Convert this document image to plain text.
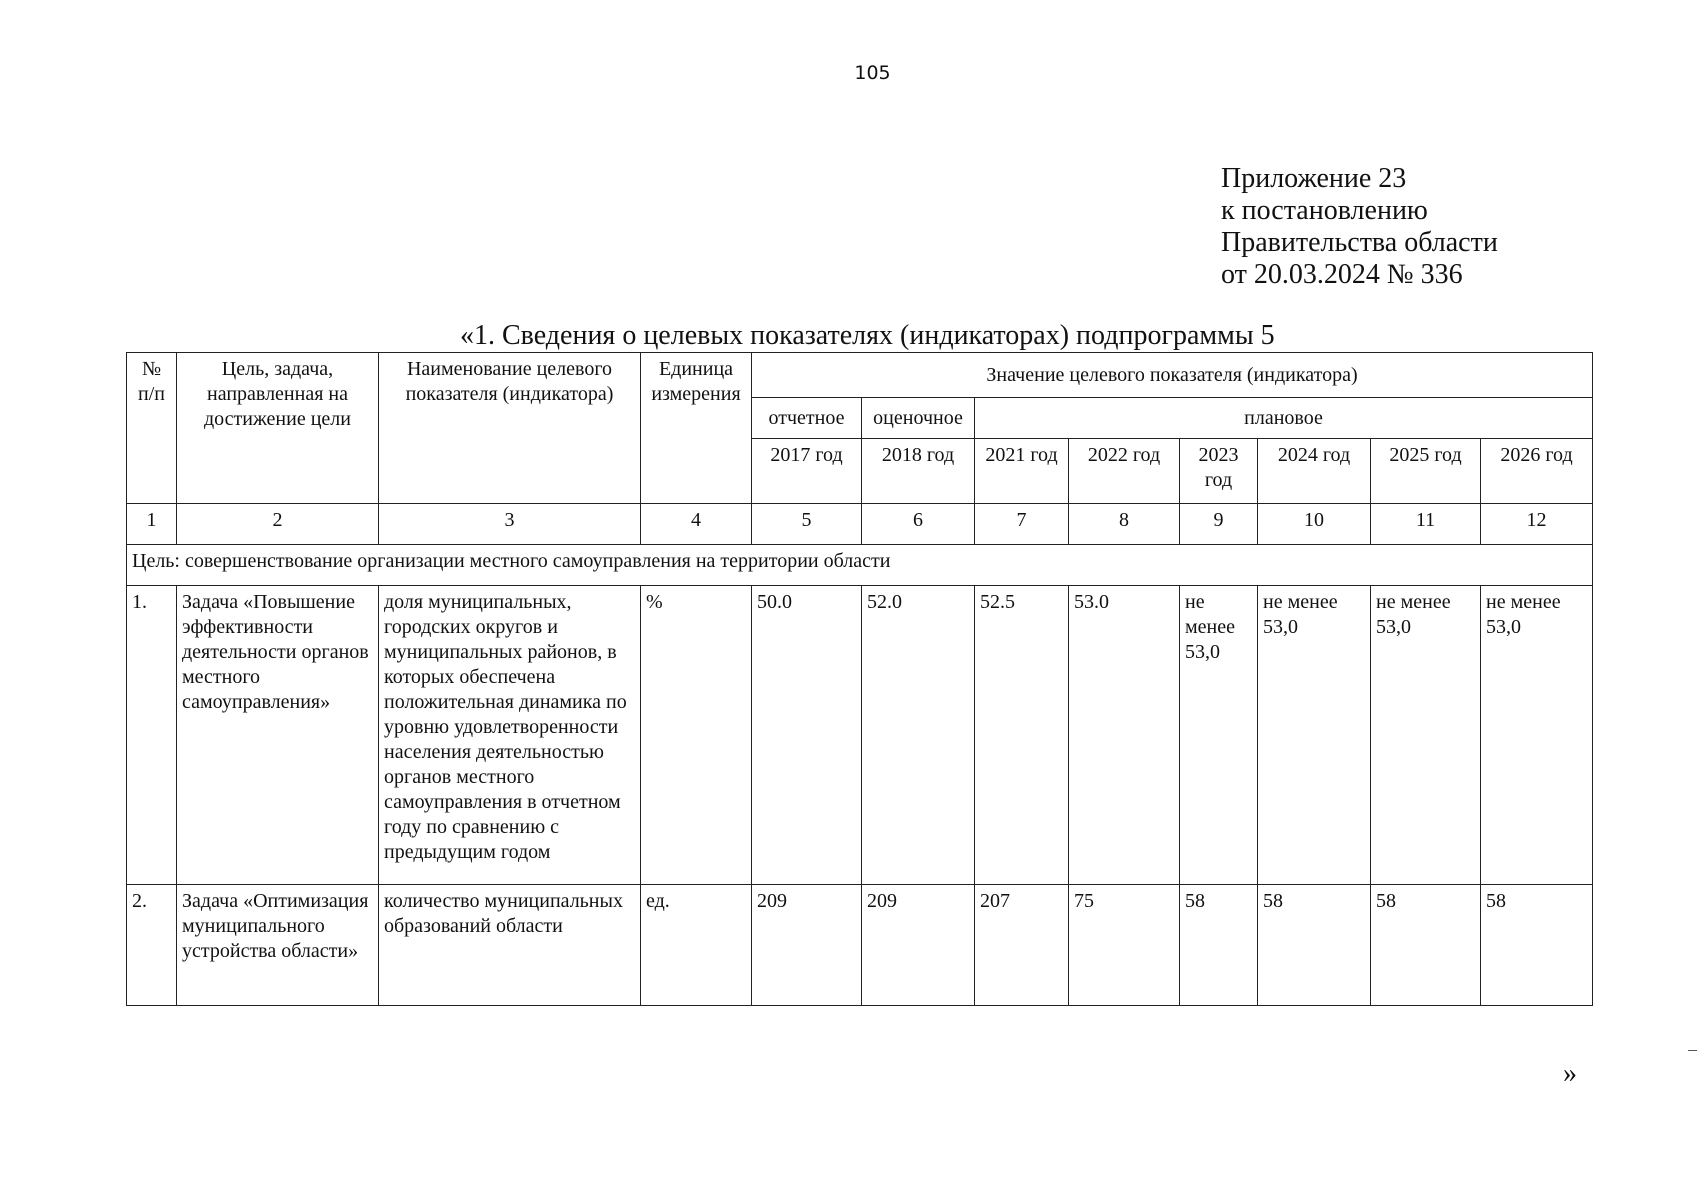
105
Приложение 23
к постановлению
Правительства области
от 20.03.2024 № 336
«1. Сведения о целевых показателях (индикаторах) подпрограммы 5
№ п/п	Цель, задача, направленная на достижение цели	Наименование целевого показателя (индикатора)	Единица измерения	Значение целевого показателя (индикатора)							
				отчетное	оценочное	плановое					
				2017 год	2018 год	2021 год	2022 год	2023 год	2024 год	2025 год	2026 год
1	2	3	4	5	6	7	8	9	10	11	12
Цель: совершенствование организации местного самоуправления на территории области											
1.	Задача «Повышение эффективности деятельности органов местного самоуправления»	доля муниципальных, городских округов и муниципальных районов, в которых обеспечена положительная динамика по уровню удовлетворенности населения деятельностью органов местного самоуправления в отчетном году по сравнению с предыдущим годом	%	50.0	52.0	52.5	53.0	не менее 53,0	не менее 53,0	не менее 53,0	не менее 53,0
2.	Задача «Оптимизация муниципального устройства области»	количество муниципальных образований области	ед.	209	209	207	75	58	58	58	58
»
